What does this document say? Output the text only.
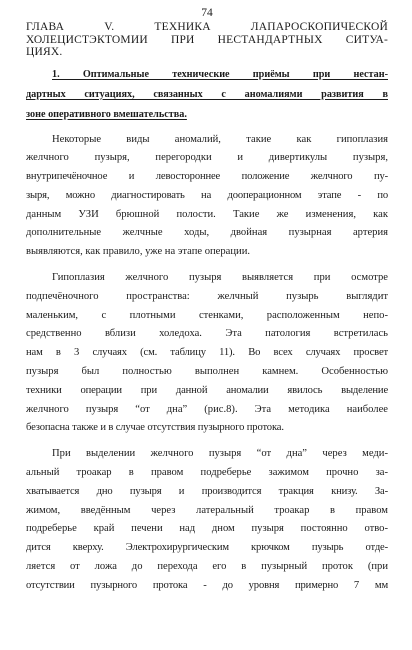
74
ГЛАВА V. ТЕХНИКА ЛАПАРОСКОПИЧЕСКОЙ
ХОЛЕЦИСТЭКТОМИИ ПРИ НЕСТАНДАРТНЫХ СИТУА-
ЦИЯХ.
1. Оптимальные технические приёмы при нестан-
дартных ситуациях, связанных с аномалиями развития в
зоне оперативного вмешательства.
Некоторые виды аномалий, такие как гипоплазия
желчного пузыря, перегородки и дивертикулы пузыря,
внутрипечёночное и левостороннее положение желчного пу-
зыря, можно диагностировать на дооперационном этапе - по
данным УЗИ брюшной полости. Такие же изменения, как
дополнительные желчные ходы, двойная пузырная артерия
выявляются, как правило, уже на этапе операции.
Гипоплазия желчного пузыря выявляется при осмотре
подпечёночного пространства: желчный пузырь выглядит
маленьким, с плотными стенками, расположенным непо-
средственно вблизи холедоха. Эта патология встретилась
нам в 3 случаях (см. таблицу 11). Во всех случаях просвет
пузыря был полностью выполнен камнем. Особенностью
техники операции при данной аномалии явилось выделение
желчного пузыря “от дна” (рис.8). Эта методика наиболее
безопасна также и в случае отсутствия пузырного протока.
При выделении желчного пузыря “от дна” через меди-
альный троакар в правом подреберье зажимом прочно за-
хватывается дно пузыря и производится тракция книзу. За-
жимом, введённым через латеральный троакар в правом
подреберье край печени над дном пузыря постоянно отво-
дится кверху. Электрохирургическим крючком пузырь отде-
ляется от ложа до перехода его в пузырный проток (при
отсутствии пузырного протока - до уровня примерно 7 мм
